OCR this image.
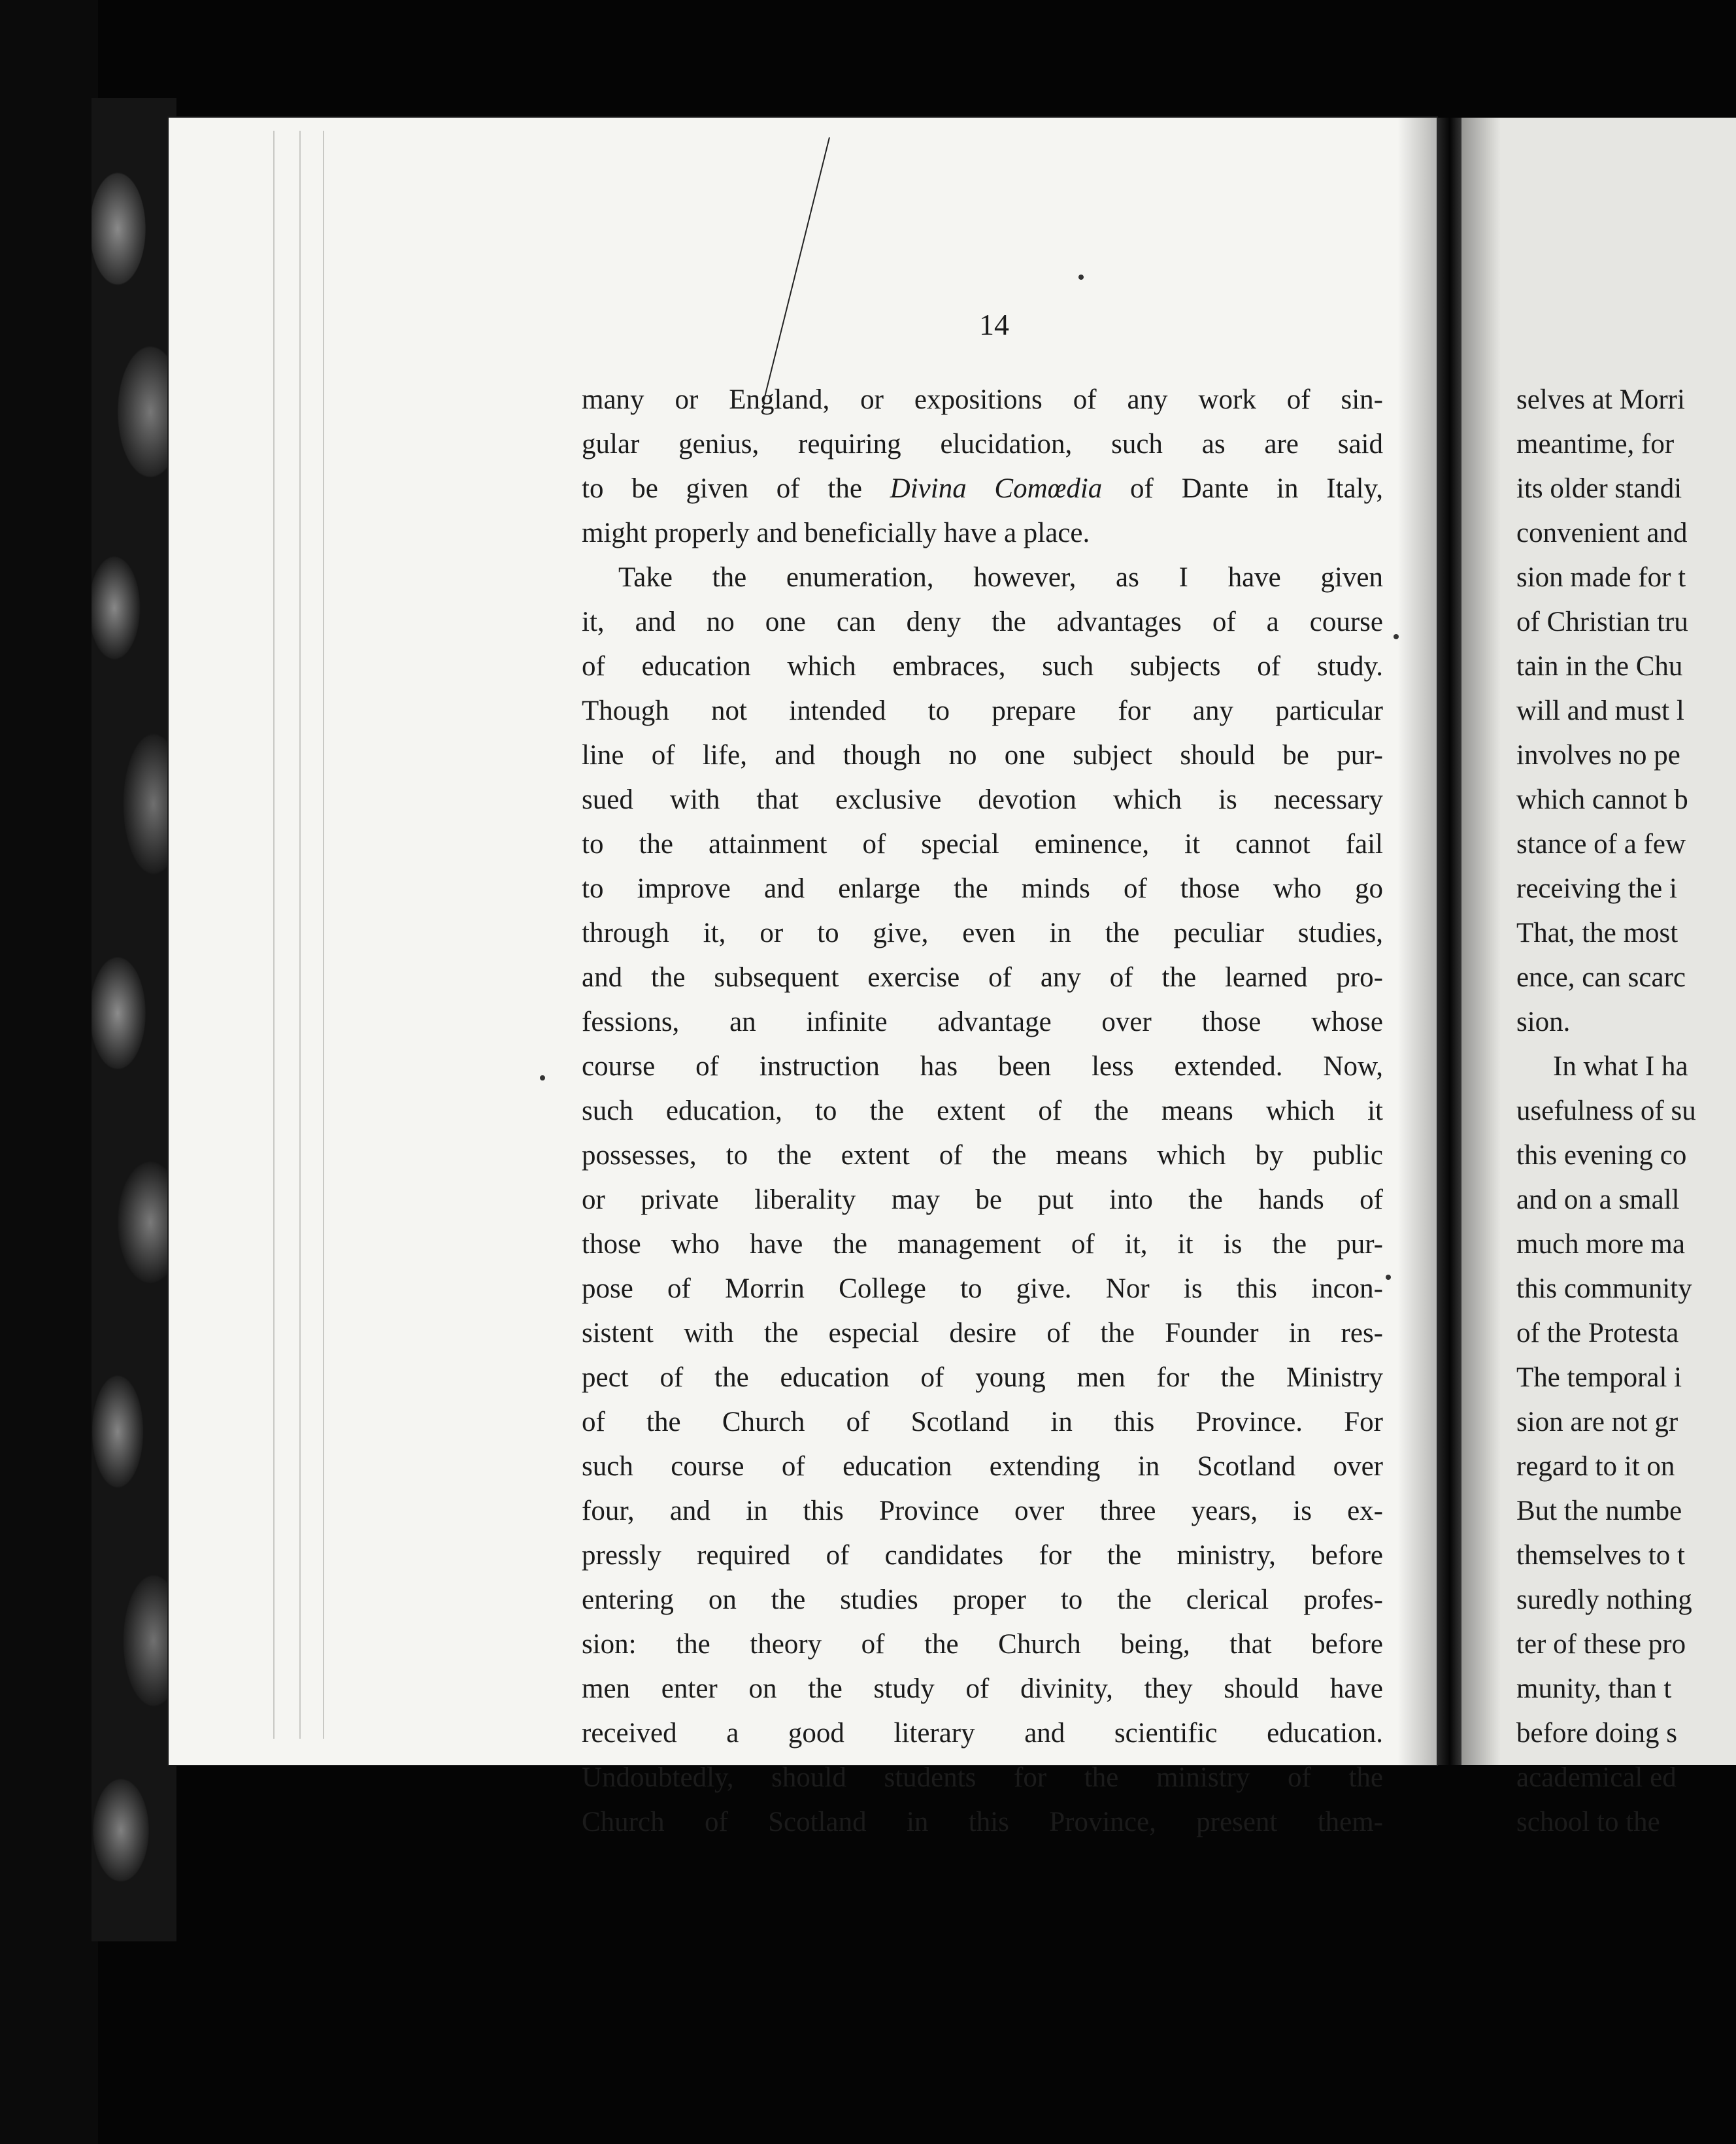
14
many or England, or expositions of any work of sin-
gular genius, requiring elucidation, such as are said
to be given of the Divina Comœdia of Dante in Italy,
might properly and beneficially have a place.
Take the enumeration, however, as I have given
it, and no one can deny the advantages of a course
of education which embraces, such subjects of study.
Though not intended to prepare for any particular
line of life, and though no one subject should be pur-
sued with that exclusive devotion which is necessary
to the attainment of special eminence, it cannot fail
to improve and enlarge the minds of those who go
through it, or to give, even in the peculiar studies,
and the subsequent exercise of any of the learned pro-
fessions, an infinite advantage over those whose
course of instruction has been less extended. Now,
such education, to the extent of the means which it
possesses, to the extent of the means which by public
or private liberality may be put into the hands of
those who have the management of it, it is the pur-
pose of Morrin College to give. Nor is this incon-
sistent with the especial desire of the Founder in res-
pect of the education of young men for the Ministry
of the Church of Scotland in this Province. For
such course of education extending in Scotland over
four, and in this Province over three years, is ex-
pressly required of candidates for the ministry, before
entering on the studies proper to the clerical profes-
sion: the theory of the Church being, that before
men enter on the study of divinity, they should have
received a good literary and scientific education.
Undoubtedly, should students for the ministry of the
Church of Scotland in this Province, present them-
selves at Morri
meantime, for
its older standi
convenient and
sion made for t
of Christian tru
tain in the Chu
will and must l
involves no pe
which cannot b
stance of a few
receiving the i
That, the most
ence, can scarc
sion.
In what I ha
usefulness of su
this evening co
and on a small
much more ma
this community
of the Protesta
The temporal i
sion are not gr
regard to it on
But the numbe
themselves to t
suredly nothing
ter of these pro
munity, than t
before doing s
academical ed
school to the
